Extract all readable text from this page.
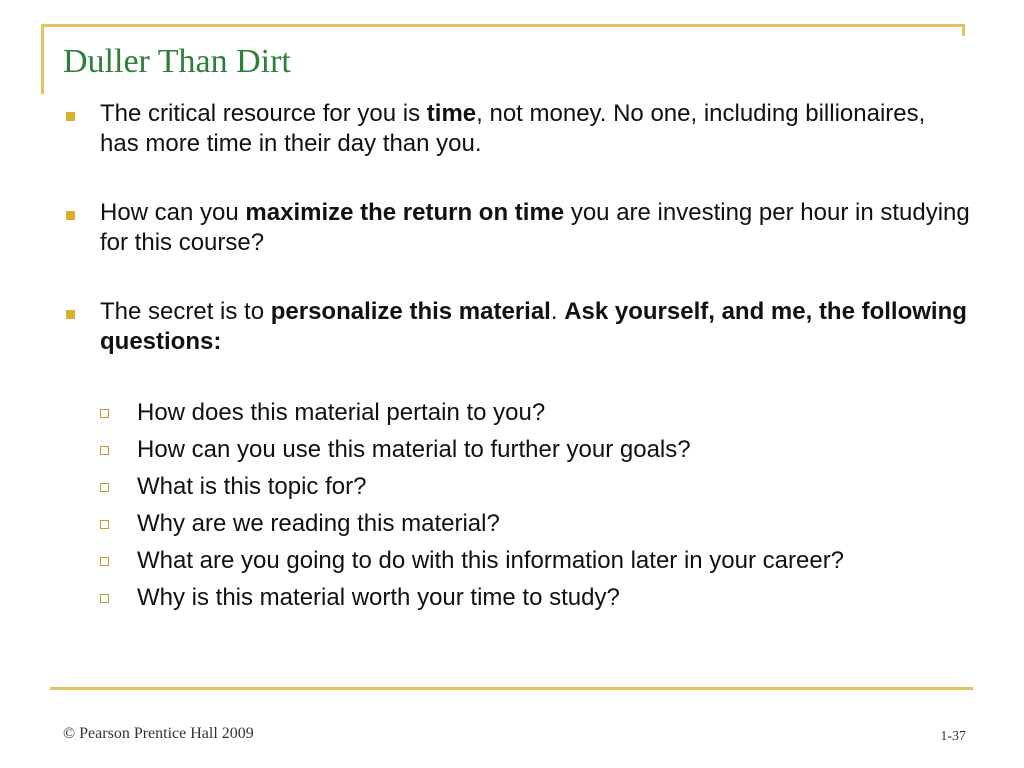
Duller Than Dirt

The critical resource for you is time, not money. No one, including billionaires, has more time in their day than you.

How can you maximize the return on time you are investing per hour in studying for this course?

The secret is to personalize this material. Ask yourself, and me, the following questions:

How does this material pertain to you?
How can you use this material to further your goals?
What is this topic for?
Why are we reading this material?
What are you going to do with this information later in your career?
Why is this material worth your time to study?

© Pearson Prentice Hall 2009	1-37
